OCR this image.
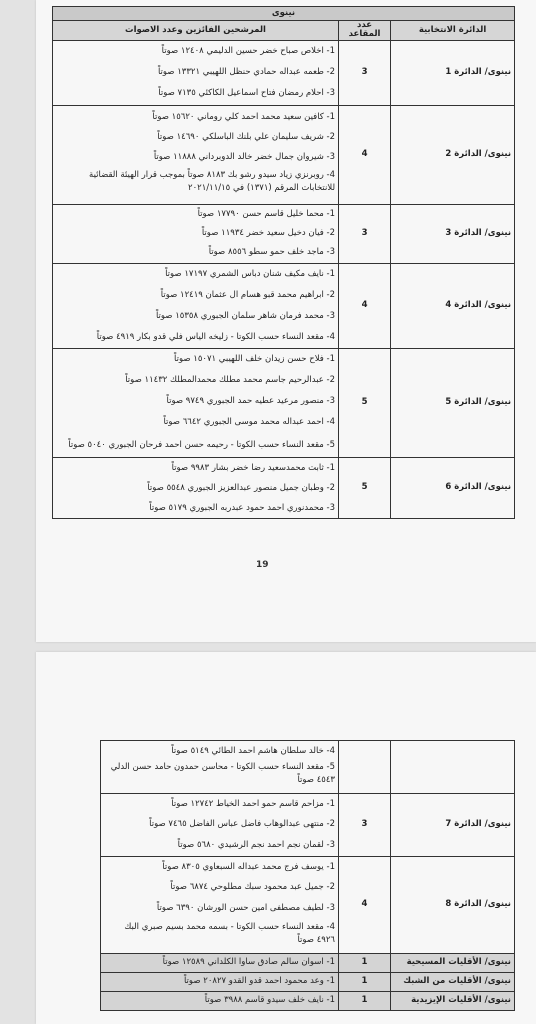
نينوى		
الدائرة الانتخابية	عدد المقاعد	المرشحين الفائزين وعدد الاصوات
نينوى/ الدائرة 1	3	1- اخلاص صباح خضر حسين الدليمي ١٢٤٠٨ صوتاً
2- طعمه عبداله حمادي حنظل اللهيبي ١٣٣٢١ صوتاً
3- احلام رمضان فتاح اسماعيل الكاكئي ٧١٣٥ صوتاً

نينوى/ الدائرة 2	4	1- كافين سعيد محمد احمد كلي روماني ١٥٦٢٠ صوتاً
2- شريف سليمان علي بلنك الباسلكي ١٤٦٩٠ صوتاً
3- شيروان جمال خضر خالد الدوبرداني ١١٨٨٨ صوتاً
4- روبرنزي زياد سيدو رشو بك ٨١٨٣ صوتاً بموجب قرار الهيئة القضائية للانتخابات المرقم (١٣٧١) في ٢٠٢١/١١/١٥

نينوى/ الدائرة 3	3	1- محما خليل قاسم حسن ١٧٧٩٠ صوتاً
2- فيان دخيل سعيد خضر ١١٩٣٤ صوتاً
3- ماجد خلف حمو سطو ٨٥٥٦ صوتاً

نينوى/ الدائرة 4	4	1- نايف مكيف شنان دباس الشمري ١٧١٩٧ صوتاً
2- ابراهيم محمد قبو هسام ال عثمان ١٢٤١٩ صوتاً
3- محمد فرمان شاهر سلمان الجبوري ١٥٣٥٨ صوتاً
4- مقعد النساء حسب الكوتا - زليخه الياس فلي قدو بكار ٤٩١٩ صوتاً

نينوى/ الدائرة 5	5	1- فلاح حسن زيدان خلف اللهيبي ١٥٠٧١ صوتاً
2- عبدالرحيم جاسم محمد مطلك محمدالمطلك ١١٤٣٢ صوتاً
3- منصور مرعيد عطيه حمد الجبوري ٩٧٤٩ صوتاً
4- احمد عبداله محمد موسى الجبوري ٦٦٤٢ صوتاً
5- مقعد النساء حسب الكوتا - رحيمه حسن احمد فرحان الجبوري ٥٠٤٠ صوتاً

نينوى/ الدائرة 6	5	1- ثابت محمدسعيد رضا خضر بشار ٩٩٨٣ صوتاً
2- وطبان جميل منصور عبدالعزيز الجبوري ٥٥٤٨ صوتاً
3- محمدنوري احمد حمود عبدربه الجبوري ٥١٧٩ صوتاً
19

		4- خالد سلطان هاشم احمد الطائي ٥١٤٩ صوتاً
5- مقعد النساء حسب الكوتا - محاسن حمدون حامد حسن الدلي ٤٥٤٣ صوتاً

نينوى/ الدائرة 7	3	1- مزاحم قاسم حمو احمد الخياط ١٢٧٤٢ صوتاً
2- منتهى عبدالوهاب فاضل عباس الفاضل ٧٤٦٥ صوتاً
3- لقمان نجم احمد نجم الرشيدي ٥٦٨٠ صوتاً

نينوى/ الدائرة 8	4	1- يوسف فرج محمد عبداله السبعاوي ٨٣٠٥ صوتاً
2- جميل عبد محمود سبك مطلوحي ٦٨٧٤ صوتاً
3- لطيف مصطفى امين حسن الورشان ٦٣٩٠ صوتاً
4- مقعد النساء حسب الكوتا - بسمه محمد بسيم صبري البك ٤٩٢٦ صوتاً

نينوى/ الأقليات المسيحية	1	1- اسوان سالم صادق ساوا الكلداني ١٢٥٨٩ صوتاً
نينوى/ الأقليات من الشبك	1	1- وعد محمود احمد قدو القدو ٢٠٨٢٧ صوتاً
نينوى/ الأقليات الإيزيدية	1	1- نايف خلف سيدو قاسم ٣٩٨٨ صوتاً
